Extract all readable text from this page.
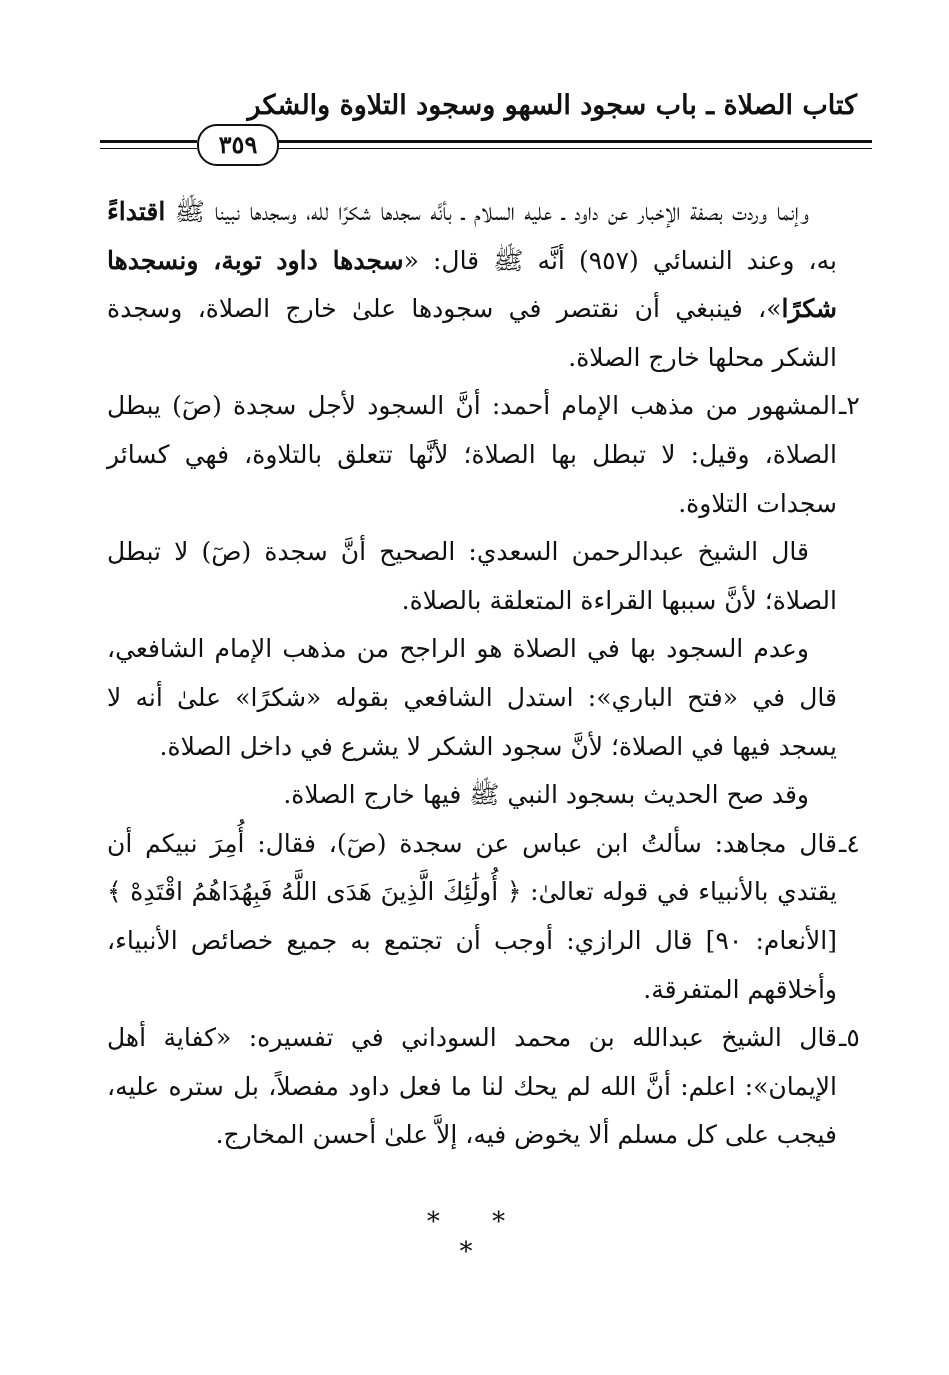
كتاب الصلاة ـ باب سجود السهو وسجود التلاوة والشكر
٣٥٩

وإنما وردت بصفة الإخبار عن داود ـ عليه السلام ـ بأنَّه سجدها شكرًا لله، وسجدها نبينا ﷺ اقتداءً به، وعند النسائي (٩٥٧) أنَّه ﷺ قال: «سجدها داود توبة، ونسجدها شكرًا»، فينبغي أن نقتصر في سجودها علىٰ خارج الصلاة، وسجدة الشكر محلها خارج الصلاة.

٢ـ
المشهور من مذهب الإمام أحمد: أنَّ السجود لأجل سجدة (صٓ) يبطل الصلاة، وقيل: لا تبطل بها الصلاة؛ لأنَّها تتعلق بالتلاوة، فهي كسائر سجدات التلاوة.

قال الشيخ عبدالرحمن السعدي: الصحيح أنَّ سجدة (صٓ) لا تبطل الصلاة؛ لأنَّ سببها القراءة المتعلقة بالصلاة.

وعدم السجود بها في الصلاة هو الراجح من مذهب الإمام الشافعي، قال في «فتح الباري»: استدل الشافعي بقوله «شكرًا» علىٰ أنه لا يسجد فيها في الصلاة؛ لأنَّ سجود الشكر لا يشرع في داخل الصلاة.

وقد صح الحديث بسجود النبي ﷺ فيها خارج الصلاة.

٤ـ
قال مجاهد: سألتُ ابن عباس عن سجدة (صٓ)، فقال: أُمِرَ نبيكم أن يقتدي بالأنبياء في قوله تعالىٰ: ﴿ أُولَٰئِكَ الَّذِينَ هَدَى اللَّهُ فَبِهُدَاهُمُ اقْتَدِهْ ﴾ [الأنعام: ٩٠] قال الرازي: أوجب أن تجتمع به جميع خصائص الأنبياء، وأخلاقهم المتفرقة.

٥ـ
قال الشيخ عبدالله بن محمد السوداني في تفسيره: «كفاية أهل الإيمان»: اعلم: أنَّ الله لم يحك لنا ما فعل داود مفصلاً، بل ستره عليه، فيجب على كل مسلم ألا يخوض فيه، إلاَّ علىٰ أحسن المخارج.

* * *
